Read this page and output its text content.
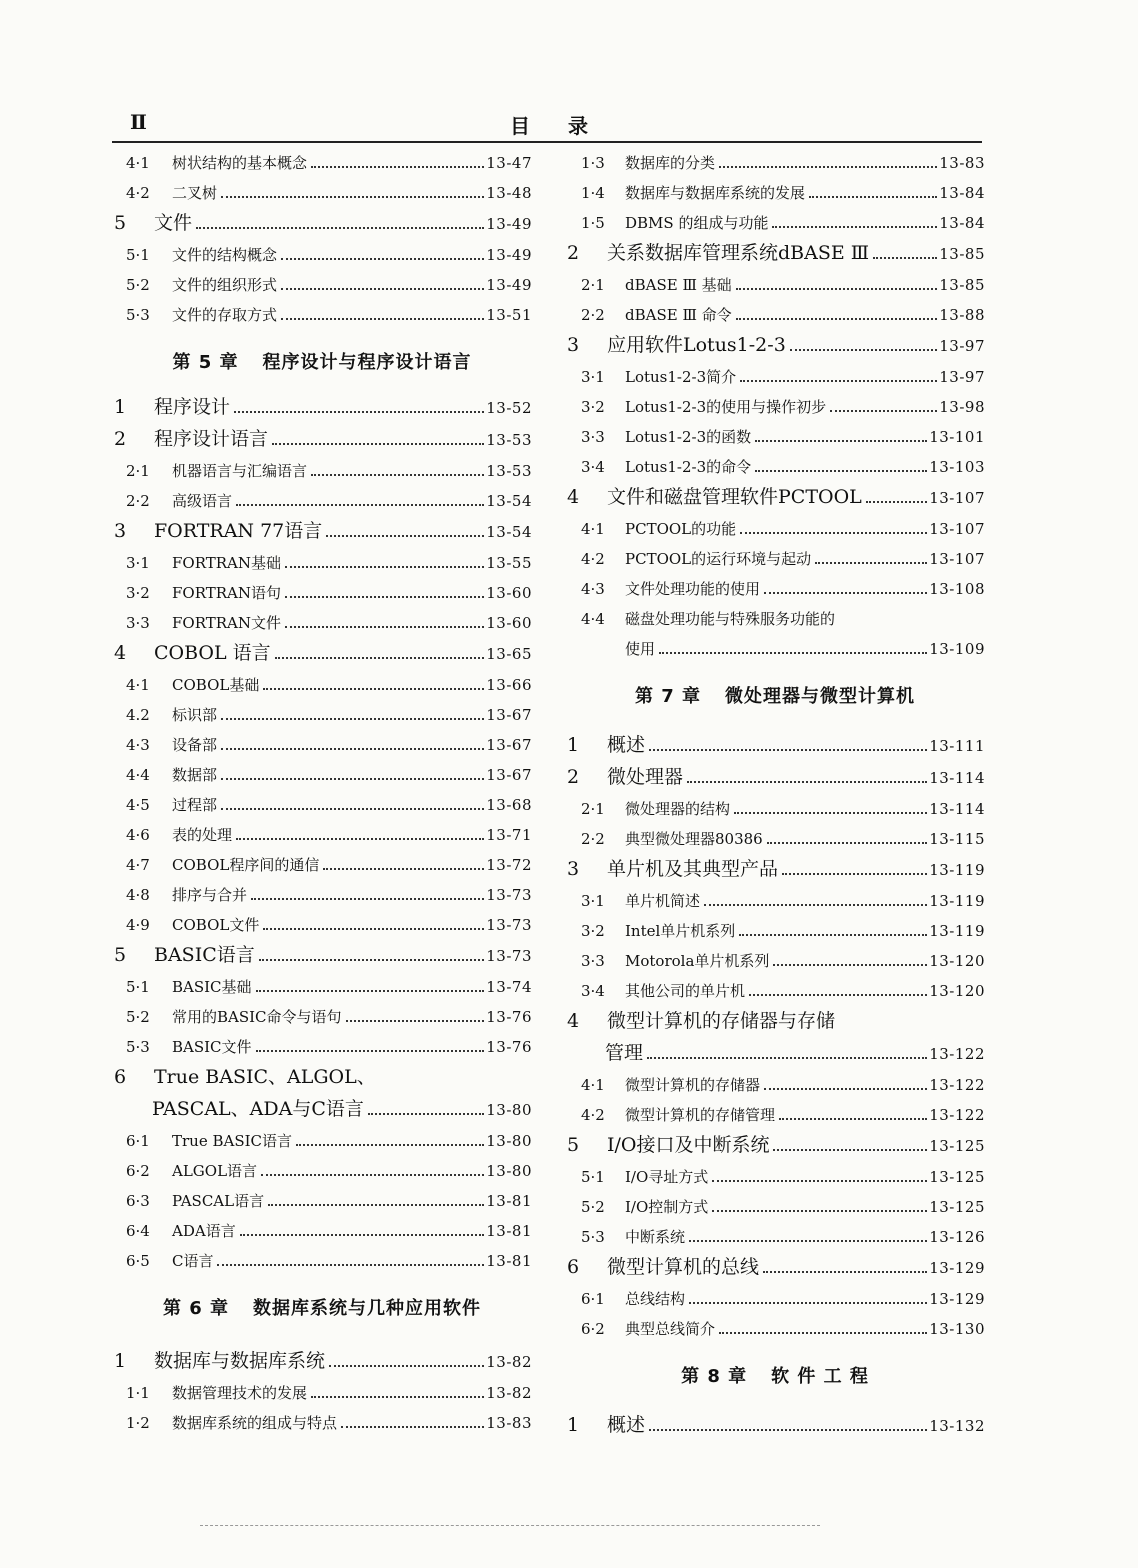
Ⅱ	目录
4·1	树状结构的基本概念	13-47
4·2	二叉树	13-48
5	文件	13-49
5·1	文件的结构概念	13-49
5·2	文件的组织形式	13-49
5·3	文件的存取方式	13-51
第 5 章 程序设计与程序设计语言
1	程序设计	13-52
2	程序设计语言	13-53
2·1	机器语言与汇编语言	13-53
2·2	高级语言	13-54
3	FORTRAN 77语言	13-54
3·1	FORTRAN基础	13-55
3·2	FORTRAN语句	13-60
3·3	FORTRAN文件	13-60
4	COBOL 语言	13-65
4·1	COBOL基础	13-66
4.2	标识部	13-67
4·3	设备部	13-67
4·4	数据部	13-67
4·5	过程部	13-68
4·6	表的处理	13-71
4·7	COBOL程序间的通信	13-72
4·8	排序与合并	13-73
4·9	COBOL文件	13-73
5	BASIC语言	13-73
5·1	BASIC基础	13-74
5·2	常用的BASIC命令与语句	13-76
5·3	BASIC文件	13-76
6	True BASIC、ALGOL、
PASCAL、ADA与C语言	13-80
6·1	True BASIC语言	13-80
6·2	ALGOL语言	13-80
6·3	PASCAL语言	13-81
6·4	ADA语言	13-81
6·5	C语言	13-81
第 6 章 数据库系统与几种应用软件
1	数据库与数据库系统	13-82
1·1	数据管理技术的发展	13-82
1·2	数据库系统的组成与特点	13-83
1·3	数据库的分类	13-83
1·4	数据库与数据库系统的发展	13-84
1·5	DBMS 的组成与功能	13-84
2	关系数据库管理系统dBASE Ⅲ	13-85
2·1	dBASE Ⅲ 基础	13-85
2·2	dBASE Ⅲ 命令	13-88
3	应用软件Lotus1-2-3	13-97
3·1	Lotus1-2-3简介	13-97
3·2	Lotus1-2-3的使用与操作初步	13-98
3·3	Lotus1-2-3的函数	13-101
3·4	Lotus1-2-3的命令	13-103
4	文件和磁盘管理软件PCTOOL	13-107
4·1	PCTOOL的功能	13-107
4·2	PCTOOL的运行环境与起动	13-107
4·3	文件处理功能的使用	13-108
4·4	磁盘处理功能与特殊服务功能的
使用	13-109
第 7 章 微处理器与微型计算机
1	概述	13-111
2	微处理器	13-114
2·1	微处理器的结构	13-114
2·2	典型微处理器80386	13-115
3	单片机及其典型产品	13-119
3·1	单片机简述	13-119
3·2	Intel单片机系列	13-119
3·3	Motorola单片机系列	13-120
3·4	其他公司的单片机	13-120
4	微型计算机的存储器与存储
管理	13-122
4·1	微型计算机的存储器	13-122
4·2	微型计算机的存储管理	13-122
5	I/O接口及中断系统	13-125
5·1	I/O寻址方式	13-125
5·2	I/O控制方式	13-125
5·3	中断系统	13-126
6	微型计算机的总线	13-129
6·1	总线结构	13-129
6·2	典型总线简介	13-130
第 8 章 软 件 工 程
1	概述	13-132
